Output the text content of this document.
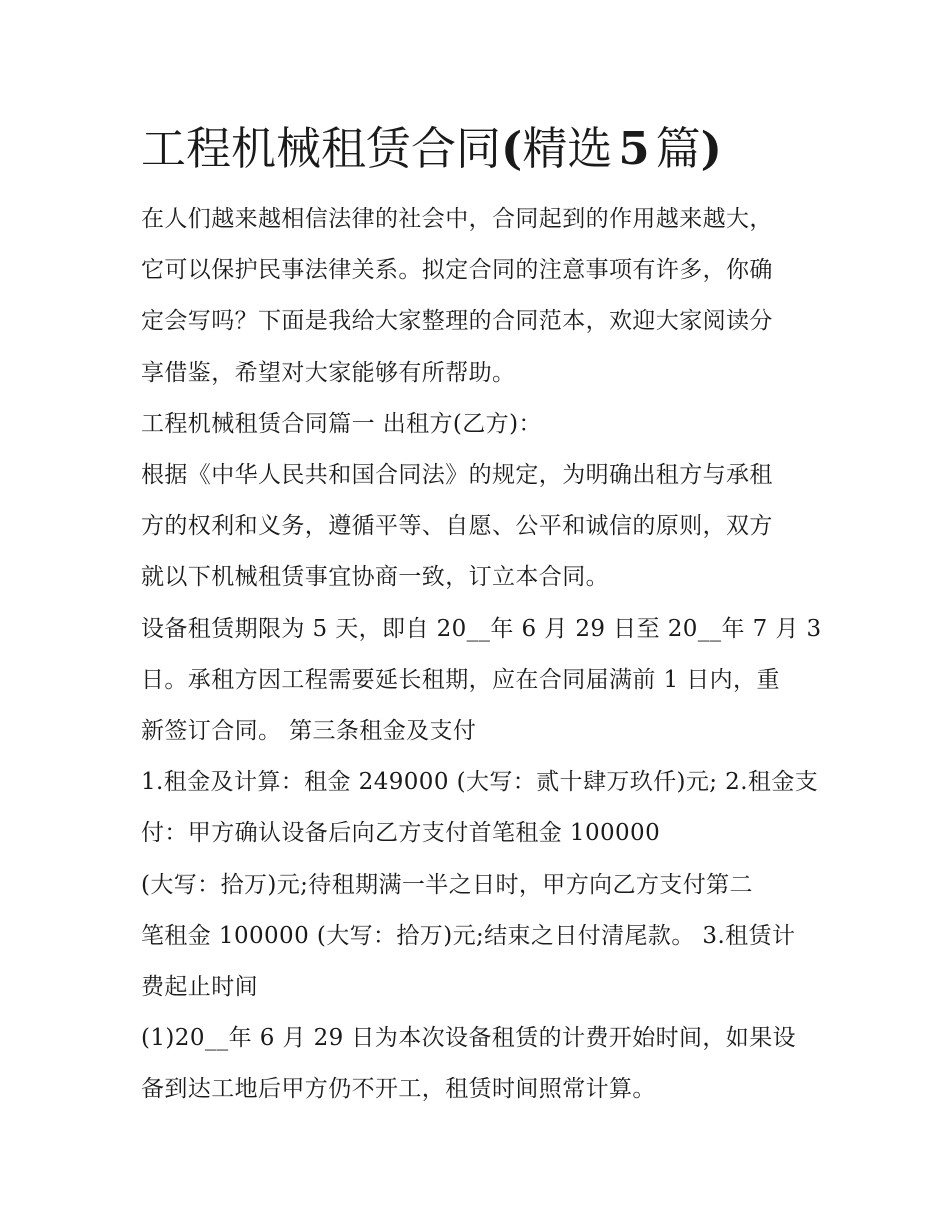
工程机械租赁合同(精选 5 篇)

在人们越来越相信法律的社会中，合同起到的作用越来越大，

它可以保护民事法律关系。拟定合同的注意事项有许多，你确

定会写吗？下面是我给大家整理的合同范本，欢迎大家阅读分

享借鉴，希望对大家能够有所帮助。

工程机械租赁合同篇一 出租方(乙方)：

根据《中华人民共和国合同法》的规定，为明确出租方与承租

方的权利和义务，遵循平等、自愿、公平和诚信的原则，双方

就以下机械租赁事宜协商一致，订立本合同。

设备租赁期限为 5 天，即自 20__年 6 月 29 日至 20__年 7 月 3

日。承租方因工程需要延长租期，应在合同届满前 1 日内，重

新签订合同。 第三条租金及支付

1.租金及计算：租金 249000 (大写：贰十肆万玖仟)元; 2.租金支

付：甲方确认设备后向乙方支付首笔租金 100000

(大写：拾万)元;待租期满一半之日时，甲方向乙方支付第二

笔租金 100000 (大写：拾万)元;结束之日付清尾款。 3.租赁计

费起止时间

(1)20__年 6 月 29 日为本次设备租赁的计费开始时间，如果设

备到达工地后甲方仍不开工，租赁时间照常计算。
